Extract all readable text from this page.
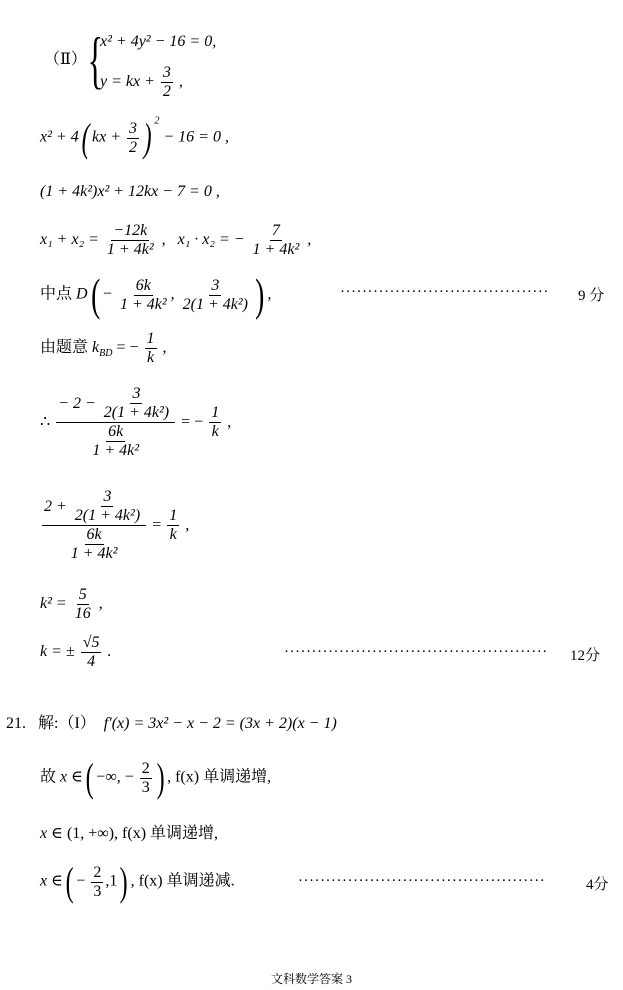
（Ⅱ） {
x² + 4y² − 16 = 0,
y = kx + $\frac{3}{2}$ ,
x² + 4( kx + $\frac{3}{2}$ ) $^2$ − 16 = 0 ,
(1 + 4k²)x² + 12kx − 7 = 0 ,
$x_1 + x_2 = \frac{-12k}{\text{1 + 4k²}}$ , x₁ · x₂ = − $\frac{7}{\text{1 + 4k²}}$ ,
中点 $D( - \frac{6k}{\text{1 + 4k²}}$ , $\frac{3}{\text{2(1 + 4k²)}}$ ) ,	······································ 9 分
由题意 $k_{BD}$ = − $\frac{1}{k}$ ,
∴ − 2 −
$\frac{3}{\text{2(1 + 4k²)}}$
$\frac{6k}{\text{1 + 4k²}}$ = − $\frac{1}{k}$ ,
2 +
$\frac{3}{\text{2(1 + 4k²)}}$
$\frac{6k}{\text{1 + 4k²}} = \frac{1}{k}$ ,
$k^2 = \frac{5}{16}$ ,
k = ± $\frac{√5}{4}$ .	················································ 12分
21. 解:（I） f′(x) = 3x² − x − 2 = (3x + 2)(x − 1)
故 x ∈( −∞, − $\frac{2}{3}$ ) , f(x) 单调递增,
x ∈ (1, +∞), f(x) 单调递增,
x ∈( − $\frac{2}{3} ,1$) , f(x) 单调递减.	·············································	4分
文科数学答案 3
